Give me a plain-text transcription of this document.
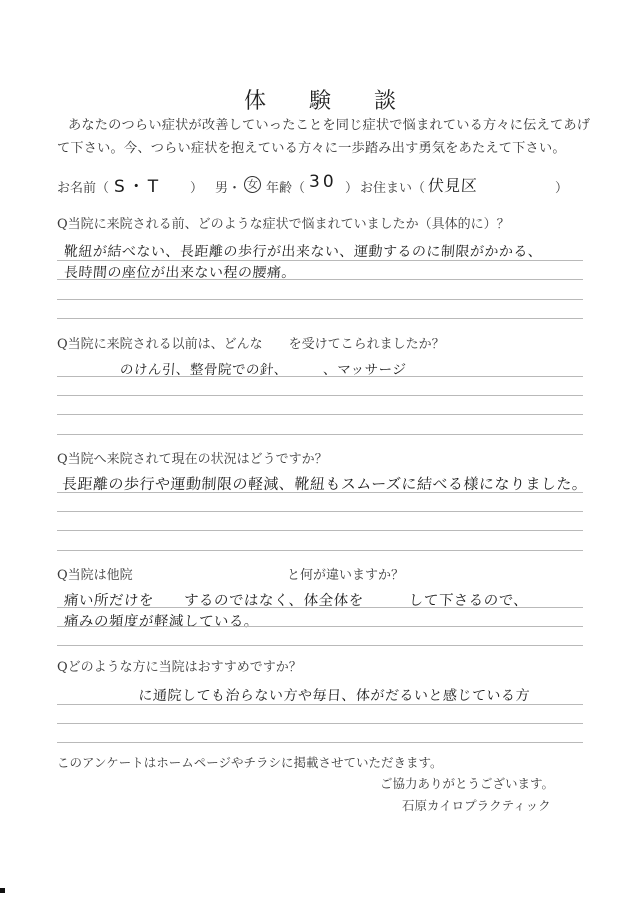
体 験 談
あなたのつらい症状が改善していったことを同じ症状で悩まれている方々に伝えてあげ
て下さい。今、つらい症状を抱えている方々に一歩踏み出す勇気をあたえて下さい。
お名前（ S・T ） 男・ 女 年齢（ 30 ） お住まい（ 伏見区	）
Q当院に来院される前、どのような症状で悩まれていましたか（具体的に）？
靴紐が結べない、長距離の歩行が出来ない、運動するのに制限がかかる、
長時間の座位が出来ない程の腰痛。
Q当院に来院される以前は、どんな　　を受けてこられましたか？
　　　　のけん引、整骨院での針、　　　、マッサージ
Q当院へ来院されて現在の状況はどうですか？
長距離の歩行や運動制限の軽減、靴紐もスムーズに結べる様になりました。
Q当院は他院	と何が違いますか？
痛い所だけを　　するのではなく、体全体を　　　して下さるので、
痛みの頻度が軽減している。
Qどのような方に当院はおすすめですか？
　　　　　に通院しても治らない方や毎日、体がだるいと感じている方
このアンケートはホームページやチラシに掲載させていただきます。
ご協力ありがとうございます。
石原カイロプラクティック
